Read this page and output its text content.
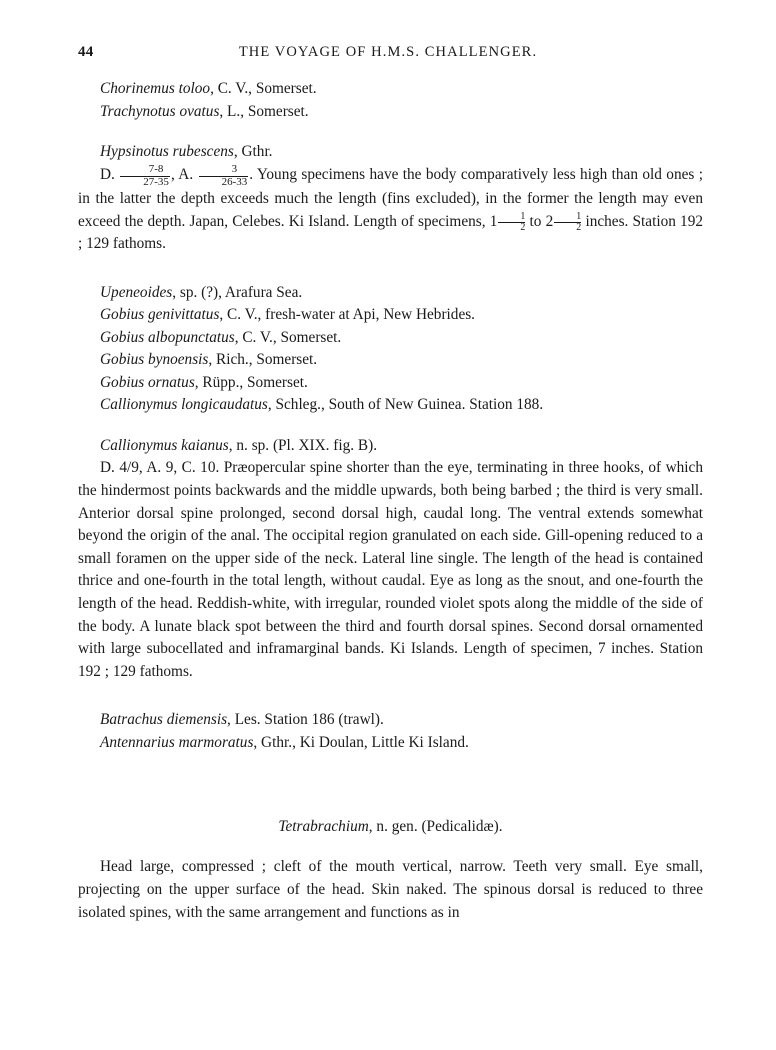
44	THE VOYAGE OF H.M.S. CHALLENGER.
Chorinemus toloo, C. V., Somerset.
Trachynotus ovatus, L., Somerset.
Hypsinotus rubescens, Gthr.
D. $\frac{7-8}{27-35}$ , A. $\frac{3}{26-33}$ . Young specimens have the body comparatively less high than old ones ; in the latter the depth exceeds much the length (fins excluded), in the former the length may even exceed the depth. Japan, Celebes. Ki Island. Length of specimens, $1 \frac{1}{2}$ to $2 \frac{1}{2}$ inches. Station 192 ; 129 fathoms.
Upeneoides, sp. (?), Arafura Sea.
Gobius genivittatus, C. V., fresh-water at Api, New Hebrides.
Gobius albopunctatus, C. V., Somerset.
Gobius bynoensis, Rich., Somerset.
Gobius ornatus, Rüpp., Somerset.
Callionymus longicaudatus, Schleg., South of New Guinea. Station 188.
Callionymus kaianus, n. sp. (Pl. XIX. fig. B).
D. 4/9, A. 9, C. 10. Præopercular spine shorter than the eye, terminating in three hooks, of which the hindermost points backwards and the middle upwards, both being barbed ; the third is very small. Anterior dorsal spine prolonged, second dorsal high, caudal long. The ventral extends somewhat beyond the origin of the anal. The occipital region granulated on each side. Gill-opening reduced to a small foramen on the upper side of the neck. Lateral line single. The length of the head is contained thrice and one-fourth in the total length, without caudal. Eye as long as the snout, and one-fourth the length of the head. Reddish-white, with irregular, rounded violet spots along the middle of the side of the body. A lunate black spot between the third and fourth dorsal spines. Second dorsal ornamented with large subocellated and inframarginal bands. Ki Islands. Length of specimen, 7 inches. Station 192 ; 129 fathoms.
Batrachus diemensis, Les. Station 186 (trawl).
Antennarius marmoratus, Gthr., Ki Doulan, Little Ki Island.
Tetrabrachium, n. gen. (Pedicalidæ).
Head large, compressed ; cleft of the mouth vertical, narrow. Teeth very small. Eye small, projecting on the upper surface of the head. Skin naked. The spinous dorsal is reduced to three isolated spines, with the same arrangement and functions as in
